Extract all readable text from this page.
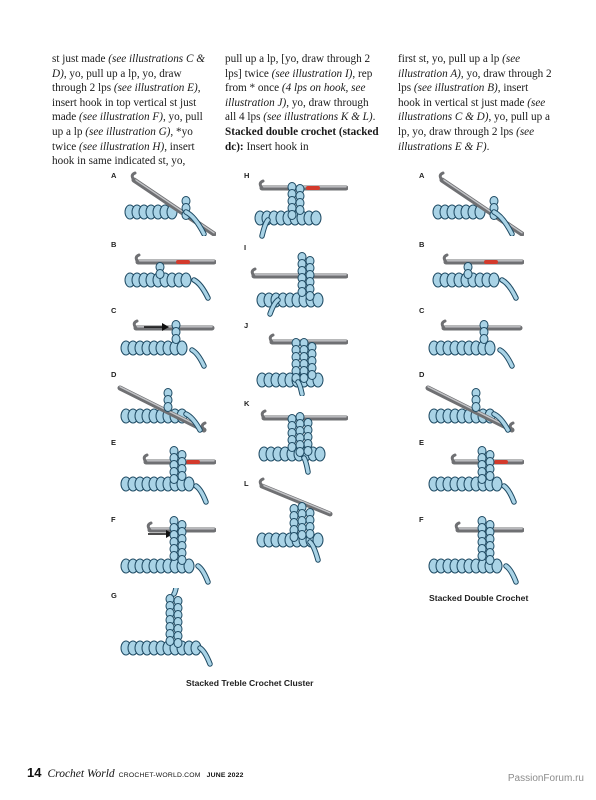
st just made (see illustrations C & D), yo, pull up a lp, yo, draw through 2 lps (see illustration E), insert hook in top vertical st just made (see illustration F), yo, pull up a lp (see illustration G), *yo twice (see illustration H), insert hook in same indicated st, yo,

pull up a lp, [yo, draw through 2 lps] twice (see illustration I), rep from * once (4 lps on hook, see illustration J), yo, draw through all 4 lps (see illustrations K & L).

Stacked double crochet (stacked dc): Insert hook in

first st, yo, pull up a lp (see illustration A), yo, draw through 2 lps (see illustration B), insert hook in vertical st just made (see illustrations C & D), yo, pull up a lp, yo, draw through 2 lps (see illustrations E & F).

A
B
C
D
E
F
G
H
I
J
K
L
A
B
C
D
E
F
Stacked Treble Crochet Cluster
Stacked Double Crochet
14 Crochet World CROCHET-WORLD.COM JUNE 2022	PassionForum.ru
